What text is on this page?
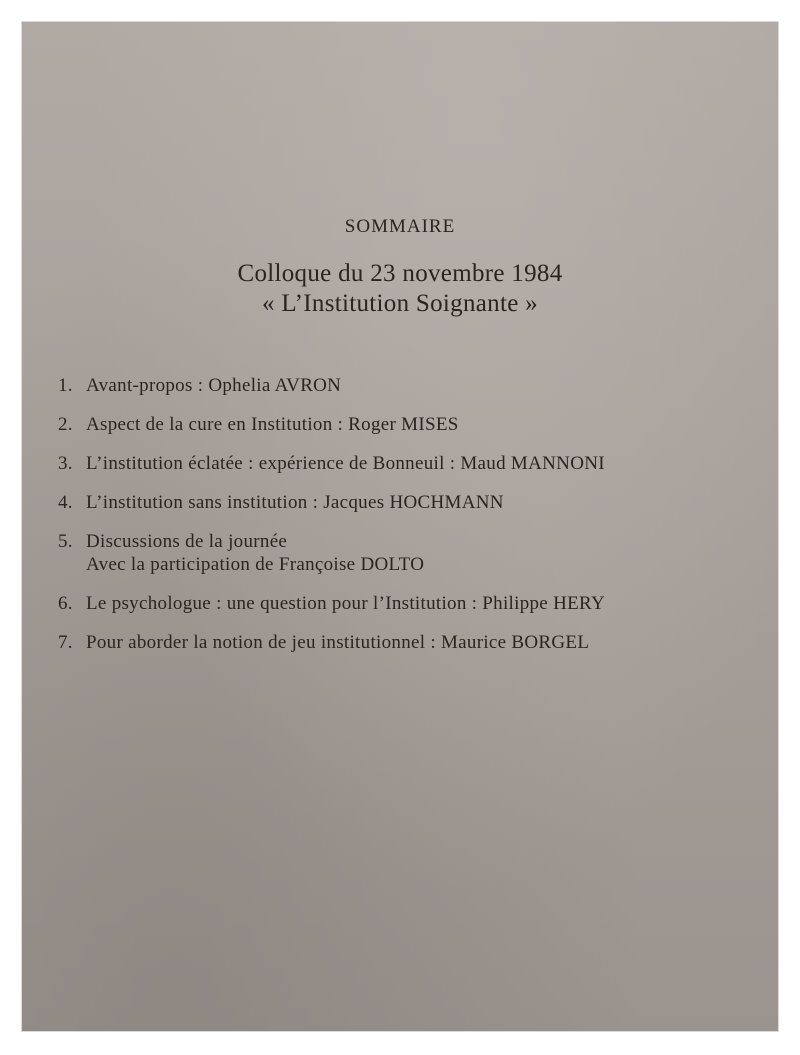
SOMMAIRE
Colloque du 23 novembre 1984
« L’Institution Soignante »
1. Avant-propos : Ophelia AVRON
2. Aspect de la cure en Institution : Roger MISES
3. L’institution éclatée : expérience de Bonneuil : Maud MANNONI
4. L’institution sans institution : Jacques HOCHMANN
5. Discussions de la journée
Avec la participation de Françoise DOLTO
6. Le psychologue : une question pour l’Institution : Philippe HERY
7. Pour aborder la notion de jeu institutionnel : Maurice BORGEL
